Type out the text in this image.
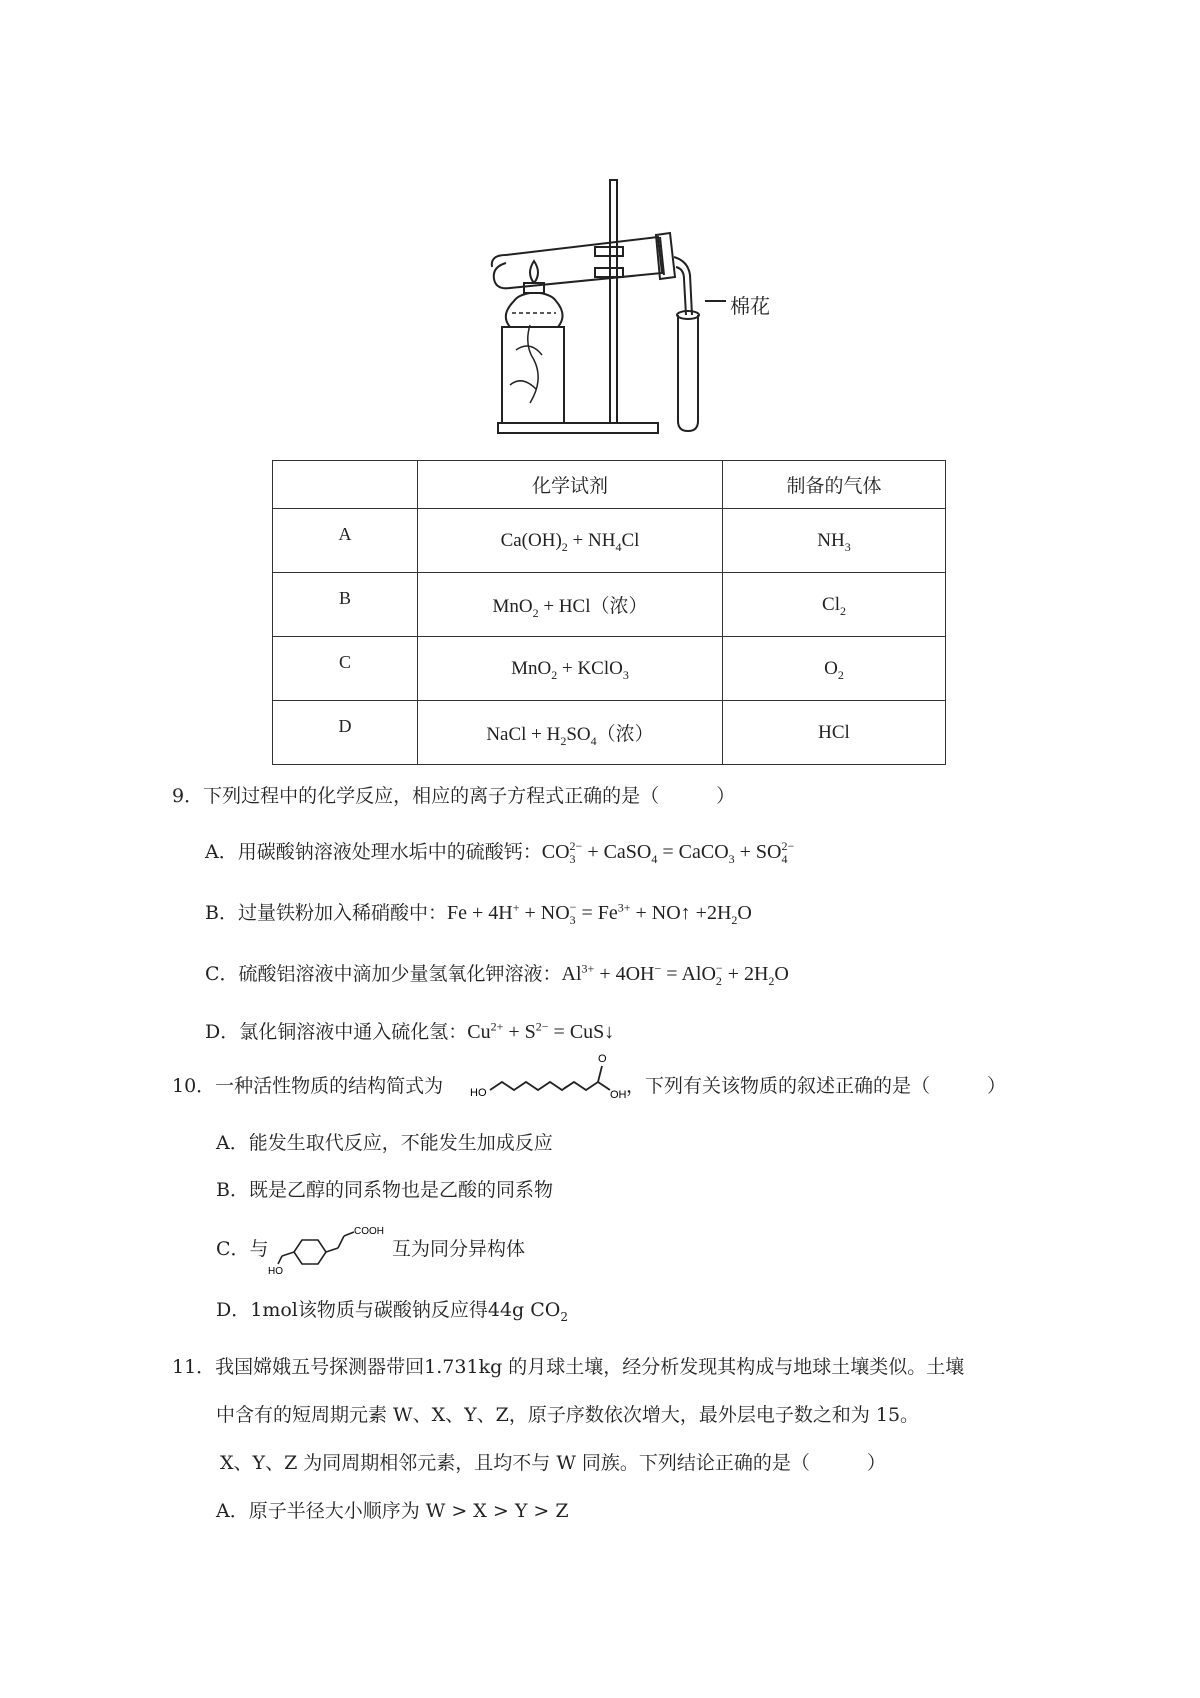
棉花
	化学试剂	制备的气体
A	$Ca(OH)_2 + NH_4Cl$	$NH_3$
B	MnO$_2$ + HCl（浓）	$Cl_2$
C	MnO$_2$ + KClO$_3$	$O_2$
D	NaCl + $H_2SO_4$（浓）	HCl
9．下列过程中的化学反应，相应的离子方程式正确的是（　　　）
A．用碳酸钠溶液处理水垢中的硫酸钙：$CO_3^{2-}$ + CaSO$_4$ = CaCO$_3$ + $SO_4^{2-}$
B．过量铁粉加入稀硝酸中：$Fe + 4H^+ + NO_3^- = Fe^{3+}$ + NO↑ $+2H_2O$
C．硫酸铝溶液中滴加少量氢氧化钾溶液：$Al^{3+} + 4OH^- = AlO_2^- + 2H_2O$
D．氯化铜溶液中通入硫化氢：$Cu^{2+} + S^{2-}$ = CuS↓
10．一种活性物质的结构简式为 HO
O
OH ，下列有关该物质的叙述正确的是（　　　）
A．能发生取代反应，不能发生加成反应
B．既是乙醇的同系物也是乙酸的同系物
C．与
HO
COOH
互为同分异构体
D．1mol该物质与碳酸钠反应得44g $CO_2$
11．我国嫦娥五号探测器带回1.731kg 的月球土壤，经分析发现其构成与地球土壤类似。土壤
中含有的短周期元素 W、X、Y、Z，原子序数依次增大，最外层电子数之和为 15。
X、Y、Z 为同周期相邻元素，且均不与 W 同族。下列结论正确的是（　　　）
A．原子半径大小顺序为 W > X > Y > Z
